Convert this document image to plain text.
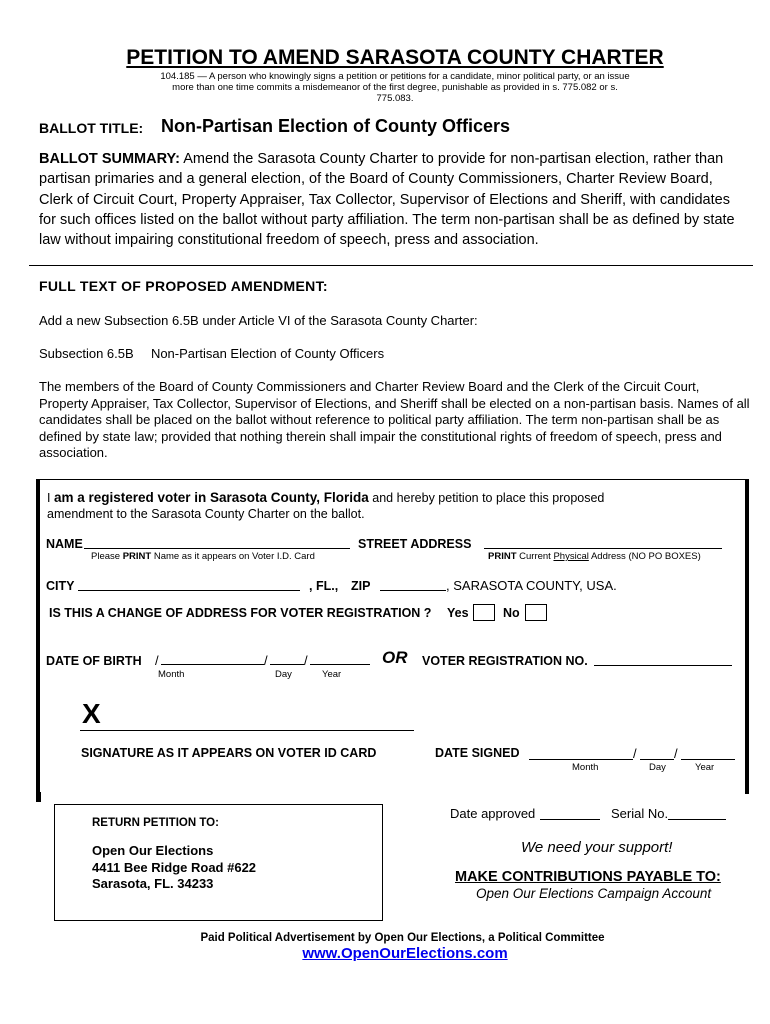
PETITION TO AMEND SARASOTA COUNTY CHARTER
104.185 — A person who knowingly signs a petition or petitions for a candidate, minor political party, or an issue
more than one time commits a misdemeanor of the first degree, punishable as provided in s. 775.082 or s.
775.083.
BALLOT TITLE: Non-Partisan Election of County Officers
BALLOT SUMMARY: Amend the Sarasota County Charter to provide for non-partisan election, rather than partisan primaries and a general election, of the Board of County Commissioners, Charter Review Board, Clerk of Circuit Court, Property Appraiser, Tax Collector, Supervisor of Elections and Sheriff, with candidates for such offices listed on the ballot without party affiliation. The term non-partisan shall be as defined by state law without impairing constitutional freedom of speech, press and association.
FULL TEXT OF PROPOSED AMENDMENT:
Add a new Subsection 6.5B under Article VI of the Sarasota County Charter:
Subsection 6.5B Non-Partisan Election of County Officers
The members of the Board of County Commissioners and Charter Review Board and the Clerk of the Circuit Court, Property Appraiser, Tax Collector, Supervisor of Elections, and Sheriff shall be elected on a non-partisan basis. Names of all candidates shall be placed on the ballot without reference to political party affiliation. The term non-partisan shall be as defined by state law; provided that nothing therein shall impair the constitutional rights of freedom of speech, press and association.
I am a registered voter in Sarasota County, Florida and hereby petition to place this proposed
amendment to the Sarasota County Charter on the ballot.
NAME
Please PRINT Name as it appears on Voter I.D. Card
STREET ADDRESS
PRINT Current Physical Address (NO PO BOXES)
CITY	, FL., ZIP	, SARASOTA COUNTY, USA.
IS THIS A CHANGE OF ADDRESS FOR VOTER REGISTRATION ? Yes	No
DATE OF BIRTH /	/	/
Month	Day	Year
OR VOTER REGISTRATION NO.
X
SIGNATURE AS IT APPEARS ON VOTER ID CARD	DATE SIGNED	/	/
Month	Day	Year
RETURN PETITION TO:
Open Our Elections
4411 Bee Ridge Road #622
Sarasota, FL. 34233
Date approved	Serial No.
We need your support!
MAKE CONTRIBUTIONS PAYABLE TO:
Open Our Elections Campaign Account
Paid Political Advertisement by Open Our Elections, a Political Committee
www.OpenOurElections.com
